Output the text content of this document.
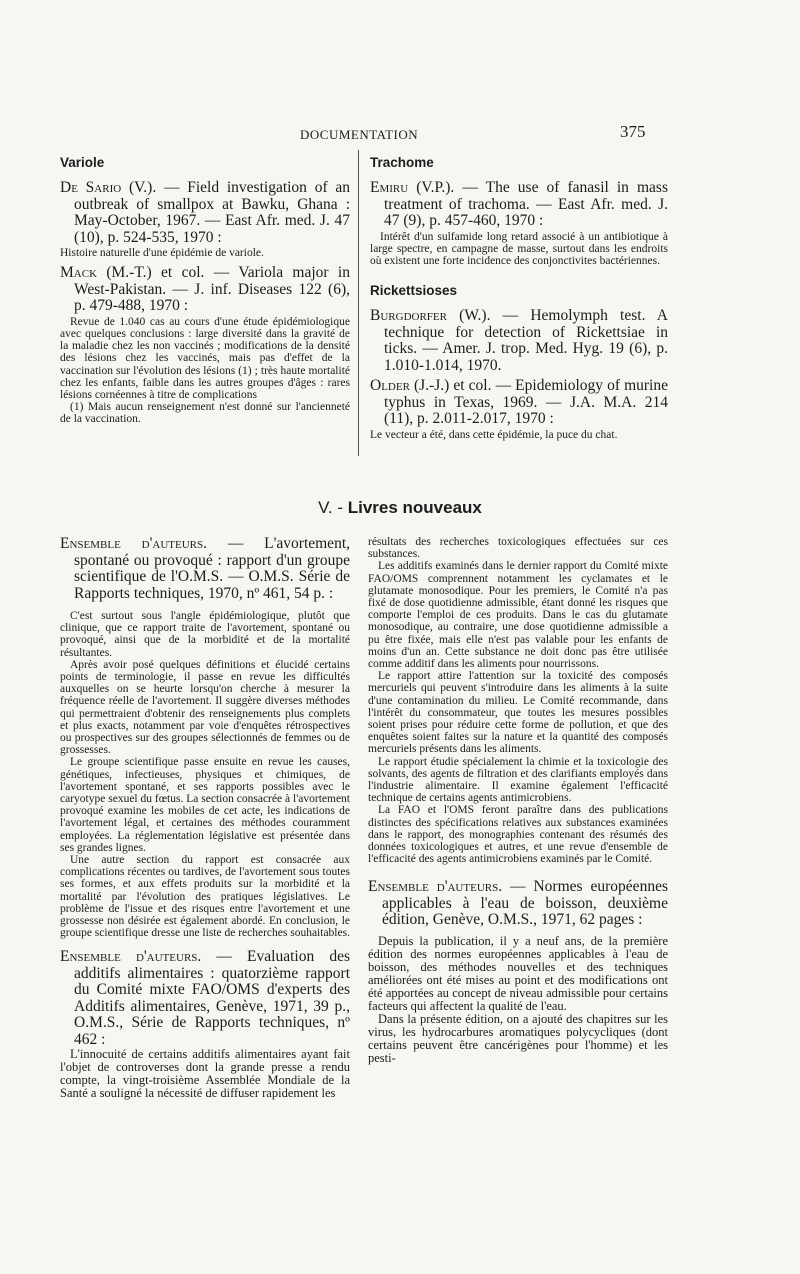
DOCUMENTATION	375
Variole
De Sario (V.). — Field investigation of an outbreak of smallpox at Bawku, Ghana : May-October, 1967. — East Afr. med. J. 47 (10), p. 524-535, 1970 :

Histoire naturelle d'une épidémie de variole.

Mack (M.-T.) et col. — Variola major in West-Pakistan. — J. inf. Diseases 122 (6), p. 479-488, 1970 :

Revue de 1.040 cas au cours d'une étude épidémiologique avec quelques conclusions : large diversité dans la gravité de la maladie chez les non vaccinés ; modifications de la densité des lésions chez les vaccinés, mais pas d'effet de la vaccination sur l'évolution des lésions (1) ; très haute mortalité chez les enfants, faible dans les autres groupes d'âges : rares lésions cornéennes à titre de complications

(1) Mais aucun renseignement n'est donné sur l'ancienneté de la vaccination.

Trachome
Emiru (V.P.). — The use of fanasil in mass treatment of trachoma. — East Afr. med. J. 47 (9), p. 457-460, 1970 :

Intérêt d'un sulfamide long retard associé à un antibiotique à large spectre, en campagne de masse, surtout dans les endroits où existent une forte incidence des conjonctivites bactériennes.

Rickettsioses
Burgdorfer (W.). — Hemolymph test. A technique for detection of Rickettsiae in ticks. — Amer. J. trop. Med. Hyg. 19 (6), p. 1.010-1.014, 1970.
Older (J.-J.) et col. — Epidemiology of murine typhus in Texas, 1969. — J.A. M.A. 214 (11), p. 2.011-2.017, 1970 :

Le vecteur a été, dans cette épidémie, la puce du chat.

V. - Livres nouveaux
Ensemble d'auteurs. — L'avortement, spontané ou provoqué : rapport d'un groupe scientifique de l'O.M.S. — O.M.S. Série de Rapports techniques, 1970, nº 461, 54 p. :

C'est surtout sous l'angle épidémiologique, plutôt que clinique, que ce rapport traite de l'avortement, spontané ou provoqué, ainsi que de la morbidité et de la mortalité résultantes.

Après avoir posé quelques définitions et élucidé certains points de terminologie, il passe en revue les difficultés auxquelles on se heurte lorsqu'on cherche à mesurer la fréquence réelle de l'avortement. Il suggère diverses méthodes qui permettraient d'obtenir des renseignements plus complets et plus exacts, notamment par voie d'enquêtes rétrospectives ou prospectives sur des groupes sélectionnés de femmes ou de grossesses.

Le groupe scientifique passe ensuite en revue les causes, génétiques, infectieuses, physiques et chimiques, de l'avortement spontané, et ses rapports possibles avec le caryotype sexuel du fœtus. La section consacrée à l'avortement provoqué examine les mobiles de cet acte, les indications de l'avortement légal, et certaines des méthodes couramment employées. La réglementation législative est présentée dans ses grandes lignes.

Une autre section du rapport est consacrée aux complications récentes ou tardives, de l'avortement sous toutes ses formes, et aux effets produits sur la morbidité et la mortalité par l'évolution des pratiques législatives. Le problème de l'issue et des risques entre l'avortement et une grossesse non désirée est également abordé. En conclusion, le groupe scientifique dresse une liste de recherches souhaitables.

Ensemble d'auteurs. — Evaluation des additifs alimentaires : quatorzième rapport du Comité mixte FAO/OMS d'experts des Additifs alimentaires, Genève, 1971, 39 p., O.M.S., Série de Rapports techniques, nº 462 :

L'innocuité de certains additifs alimentaires ayant fait l'objet de controverses dont la grande presse a rendu compte, la vingt-troisième Assemblée Mondiale de la Santé a souligné la nécessité de diffuser rapidement les

résultats des recherches toxicologiques effectuées sur ces substances.

Les additifs examinés dans le dernier rapport du Comité mixte FAO/OMS comprennent notamment les cyclamates et le glutamate monosodique. Pour les premiers, le Comité n'a pas fixé de dose quotidienne admissible, étant donné les risques que comporte l'emploi de ces produits. Dans le cas du glutamate monosodique, au contraire, une dose quotidienne admissible a pu être fixée, mais elle n'est pas valable pour les enfants de moins d'un an. Cette substance ne doit donc pas être utilisée comme additif dans les aliments pour nourrissons.

Le rapport attire l'attention sur la toxicité des composés mercuriels qui peuvent s'introduire dans les aliments à la suite d'une contamination du milieu. Le Comité recommande, dans l'intérêt du consommateur, que toutes les mesures possibles soient prises pour réduire cette forme de pollution, et que des enquêtes soient faites sur la nature et la quantité des composés mercuriels présents dans les aliments.

Le rapport étudie spécialement la chimie et la toxicologie des solvants, des agents de filtration et des clarifiants employés dans l'industrie alimentaire. Il examine également l'efficacité technique de certains agents antimicrobiens.

La FAO et l'OMS feront paraître dans des publications distinctes des spécifications relatives aux substances examinées dans le rapport, des monographies contenant des résumés des données toxicologiques et autres, et une revue d'ensemble de l'efficacité des agents antimicrobiens examinés par le Comité.

Ensemble d'auteurs. — Normes européennes applicables à l'eau de boisson, deuxième édition, Genève, O.M.S., 1971, 62 pages :

Depuis la publication, il y a neuf ans, de la première édition des normes européennes applicables à l'eau de boisson, des méthodes nouvelles et des techniques améliorées ont été mises au point et des modifications ont été apportées au concept de niveau admissible pour certains facteurs qui affectent la qualité de l'eau.

Dans la présente édition, on a ajouté des chapitres sur les virus, les hydrocarbures aromatiques polycycliques (dont certains peuvent être cancérigènes pour l'homme) et les pesti-
